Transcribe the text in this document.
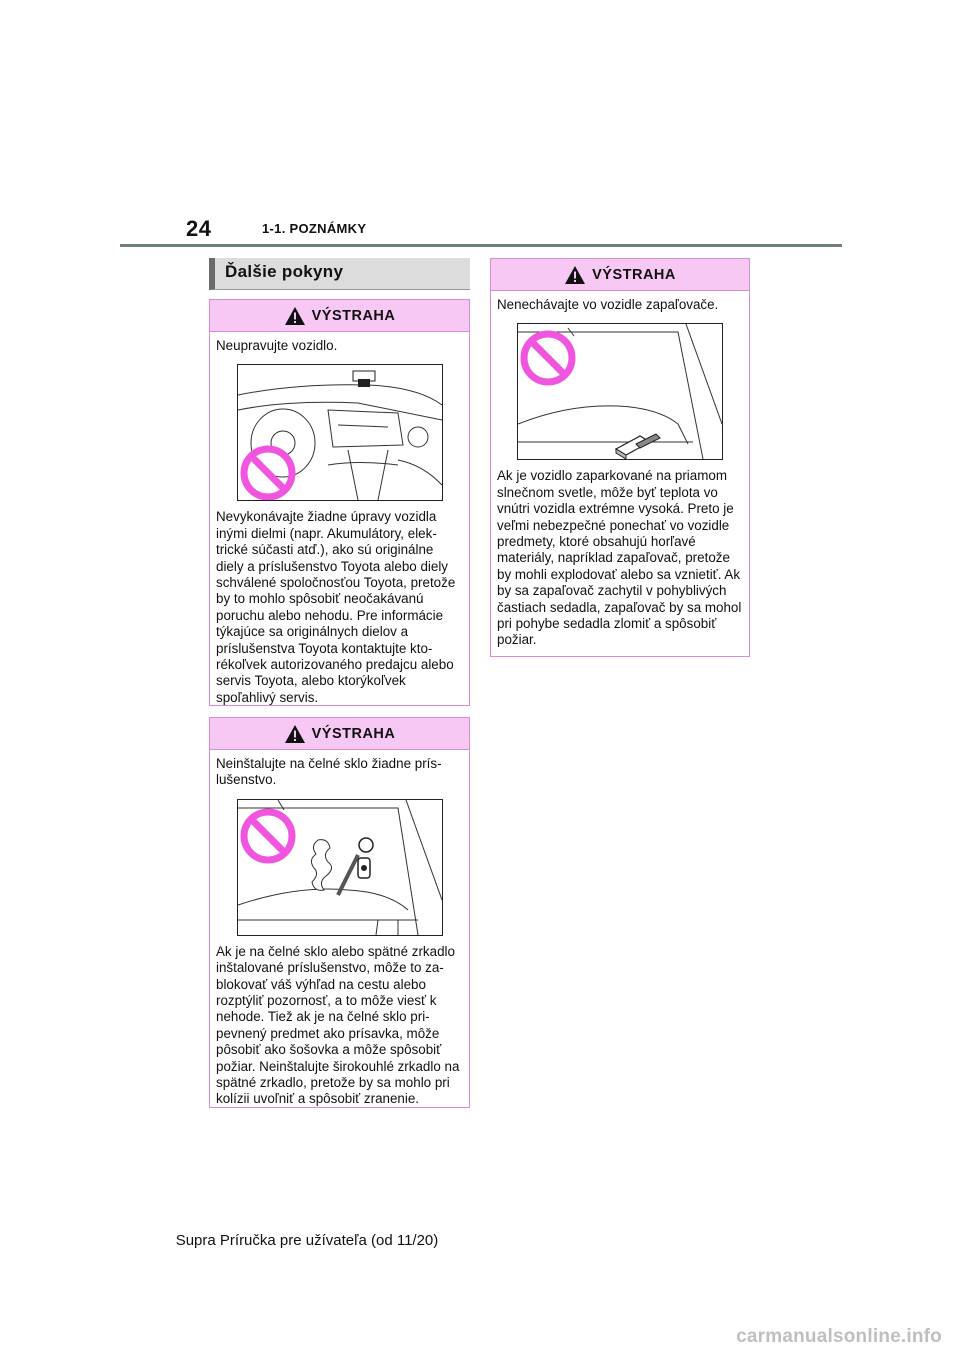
24	1-1. POZNÁMKY
Ďalšie pokyny
VÝSTRAHA
Neupravujte vozidlo.
Nevykonávajte žiadne úpravy vozidla inými dielmi (napr. Akumulátory, elektrické súčasti atď.), ako sú originálne diely a príslušenstvo Toyota alebo diely schválené spoločnosťou Toyota, pretože by to mohlo spôsobiť neočakávanú poruchu alebo nehodu. Pre informácie týkajúce sa originálnych dielov a príslušenstva Toyota kontaktujte ktorékoľvek autorizovaného predajcu alebo servis Toyota, alebo ktorýkoľvek spoľahlivý servis.
VÝSTRAHA
Neinštalujte na čelné sklo žiadne príslušenstvo.
Ak je na čelné sklo alebo spätné zrkadlo inštalované príslušenstvo, môže to zablokovať váš výhľad na cestu alebo rozptýliť pozornosť, a to môže viesť k nehode. Tiež ak je na čelné sklo pripevnený predmet ako prísavka, môže pôsobiť ako šošovka a môže spôsobiť požiar. Neinštalujte širokouhlé zrkadlo na spätné zrkadlo, pretože by sa mohlo pri kolízii uvoľniť a spôsobiť zranenie.
VÝSTRAHA
Nenechávajte vo vozidle zapaľovače.
Ak je vozidlo zaparkované na priamom slnečnom svetle, môže byť teplota vo vnútri vozidla extrémne vysoká. Preto je veľmi nebezpečné ponechať vo vozidle predmety, ktoré obsahujú horľavé materiály, napríklad zapaľovač, pretože by mohli explodovať alebo sa vznietiť. Ak by sa zapaľovač zachytil v pohyblivých častiach sedadla, zapaľovač by sa mohol pri pohybe sedadla zlomiť a spôsobiť požiar.
Supra Príručka pre užívateľa (od 11/20)
carmanualsonline.info
